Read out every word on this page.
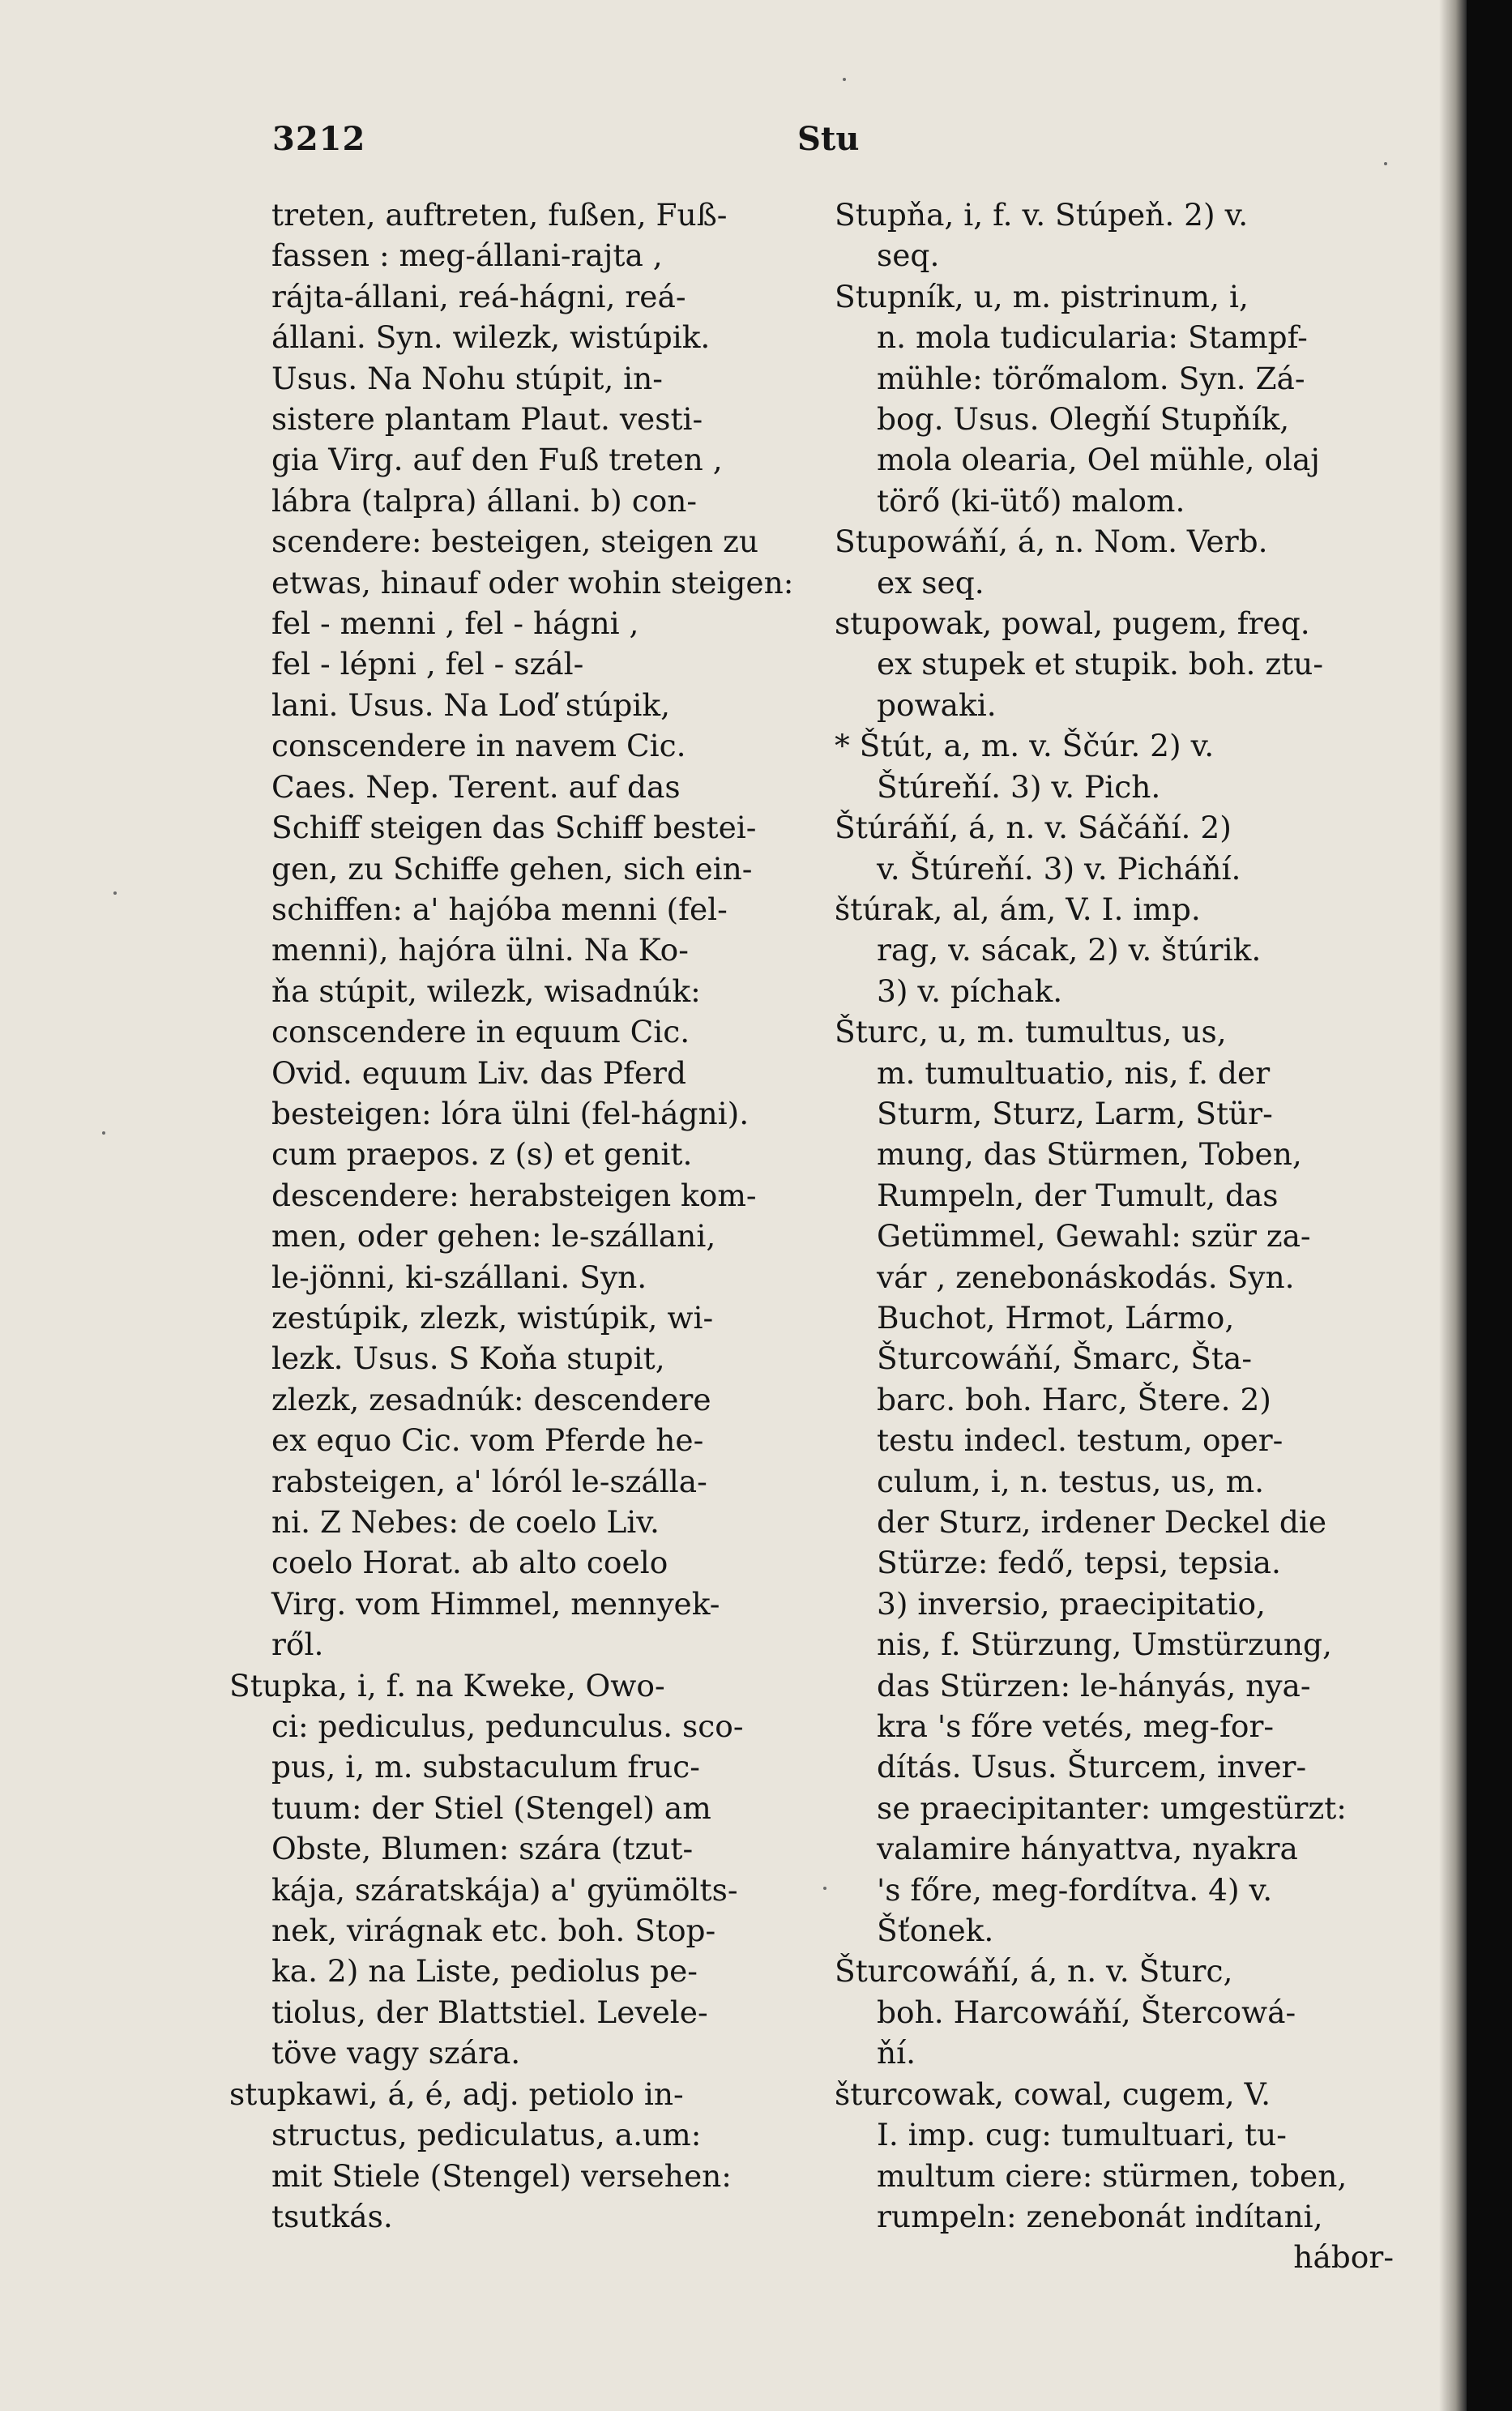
3212	Stu
treten, auftreten, fußen, Fuß-
fassen : meg-állani-rajta ,
rájta-állani, reá-hágni, reá-
állani. Syn. wilezk, wistúpik.
Usus. Na Nohu stúpit, in-
sistere plantam Plaut. vesti-
gia Virg. auf den Fuß treten ,
lábra (talpra) állani. b) con-
scendere: besteigen, steigen zu
etwas, hinauf oder wohin steigen:
fel - menni , fel - hágni ,
fel - lépni , fel - szál-
lani. Usus. Na Loď stúpik,
conscendere in navem Cic.
Caes. Nep. Terent. auf das
Schiff steigen das Schiff bestei-
gen, zu Schiffe gehen, sich ein-
schiffen: a' hajóba menni (fel-
menni), hajóra ülni. Na Ko-
ňa stúpit, wilezk, wisadnúk:
conscendere in equum Cic.
Ovid. equum Liv. das Pferd
besteigen: lóra ülni (fel-hágni).
cum praepos. z (s) et genit.
descendere: herabsteigen kom-
men, oder gehen: le-szállani,
le-jönni, ki-szállani. Syn.
zestúpik, zlezk, wistúpik, wi-
lezk. Usus. S Koňa stupit,
zlezk, zesadnúk: descendere
ex equo Cic. vom Pferde he-
rabsteigen, a' lóról le-szálla-
ni. Z Nebes: de coelo Liv.
coelo Horat. ab alto coelo
Virg. vom Himmel, mennyek-
ről.
Stupka, i, f. na Kweke, Owo-
ci: pediculus, pedunculus. sco-
pus, i, m. substaculum fruc-
tuum: der Stiel (Stengel) am
Obste, Blumen: szára (tzut-
kája, száratskája) a' gyümölts-
nek, virágnak etc. boh. Stop-
ka. 2) na Liste, pediolus pe-
tiolus, der Blattstiel. Levele-
töve vagy szára.
stupkawi, á, é, adj. petiolo in-
structus, pediculatus, a.um:
mit Stiele (Stengel) versehen:
tsutkás.
Stupňa, i, f. v. Stúpeň. 2) v.
seq.
Stupník, u, m. pistrinum, i,
n. mola tudicularia: Stampf-
mühle: törőmalom. Syn. Zá-
bog. Usus. Olegňí Stupňík,
mola olearia, Oel mühle, olaj
törő (ki-ütő) malom.
Stupowáňí, á, n. Nom. Verb.
ex seq.
stupowak, powal, pugem, freq.
ex stupek et stupik. boh. ztu-
powaki.
* Štút, a, m. v. Ščúr. 2) v.
Štúreňí. 3) v. Pich.
Štúráňí, á, n. v. Sáčáňí. 2)
v. Štúreňí. 3) v. Picháňí.
štúrak, al, ám, V. I. imp.
rag, v. sácak, 2) v. štúrik.
3) v. píchak.
Šturc, u, m. tumultus, us,
m. tumultuatio, nis, f. der
Sturm, Sturz, Larm, Stür-
mung, das Stürmen, Toben,
Rumpeln, der Tumult, das
Getümmel, Gewahl: szür za-
vár , zenebonáskodás. Syn.
Buchot, Hrmot, Lármo,
Šturcowáňí, Šmarc, Šta-
barc. boh. Harc, Štere. 2)
testu indecl. testum, oper-
culum, i, n. testus, us, m.
der Sturz, irdener Deckel die
Stürze: fedő, tepsi, tepsia.
3) inversio, praecipitatio,
nis, f. Stürzung, Umstürzung,
das Stürzen: le-hányás, nya-
kra 's főre vetés, meg-for-
dítás. Usus. Šturcem, inver-
se praecipitanter: umgestürzt:
valamire hányattva, nyakra
's főre, meg-fordítva. 4) v.
Šťonek.
Šturcowáňí, á, n. v. Šturc,
boh. Harcowáňí, Štercowá-
ňí.
šturcowak, cowal, cugem, V.
I. imp. cug: tumultuari, tu-
multum ciere: stürmen, toben,
rumpeln: zenebonát indítani,
hábor-
